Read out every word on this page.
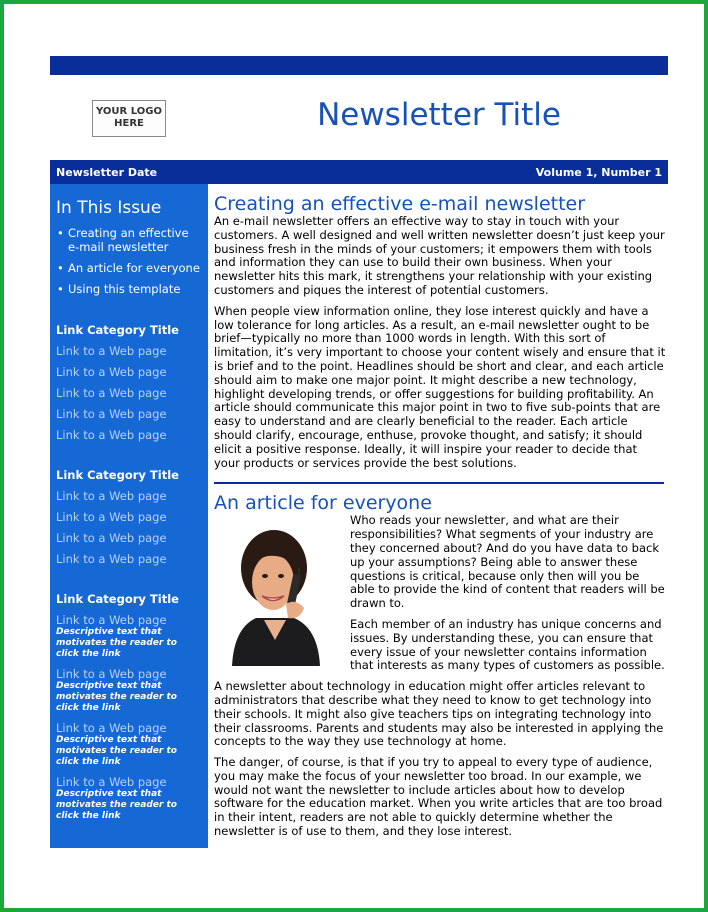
YOUR LOGO HERE	Newsletter Title
Newsletter Date	Volume 1, Number 1
In This Issue
• Creating an effective e-mail newsletter
• An article for everyone
• Using this template
Link Category Title
Link to a Web page
Link to a Web page
Link to a Web page
Link to a Web page
Link to a Web page
Link Category Title
Link to a Web page
Link to a Web page
Link to a Web page
Link to a Web page
Link Category Title
Link to a Web page
Descriptive text that motivates the reader to click the link
Link to a Web page
Descriptive text that motivates the reader to click the link
Link to a Web page
Descriptive text that motivates the reader to click the link
Link to a Web page
Descriptive text that motivates the reader to click the link
Creating an effective e-mail newsletter

An e-mail newsletter offers an effective way to stay in touch with your customers. A well designed and well written newsletter doesn’t just keep your business fresh in the minds of your customers; it empowers them with tools and information they can use to build their own business. When your newsletter hits this mark, it strengthens your relationship with your existing customers and piques the interest of potential customers.

When people view information online, they lose interest quickly and have a low tolerance for long articles. As a result, an e-mail newsletter ought to be brief—typically no more than 1000 words in length. With this sort of limitation, it’s very important to choose your content wisely and ensure that it is brief and to the point. Headlines should be short and clear, and each article should aim to make one major point. It might describe a new technology, highlight developing trends, or offer suggestions for building profitability. An article should communicate this major point in two to five sub-points that are easy to understand and are clearly beneficial to the reader. Each article should clarify, encourage, enthuse, provoke thought, and satisfy; it should elicit a positive response. Ideally, it will inspire your reader to decide that your products or services provide the best solutions.

An article for everyone

Who reads your newsletter, and what are their responsibilities? What segments of your industry are they concerned about? And do you have data to back up your assumptions? Being able to answer these questions is critical, because only then will you be able to provide the kind of content that readers will be drawn to.

Each member of an industry has unique concerns and issues. By understanding these, you can ensure that every issue of your newsletter contains information that interests as many types of customers as possible.

A newsletter about technology in education might offer articles relevant to administrators that describe what they need to know to get technology into their schools. It might also give teachers tips on integrating technology into their classrooms. Parents and students may also be interested in applying the concepts to the way they use technology at home.

The danger, of course, is that if you try to appeal to every type of audience, you may make the focus of your newsletter too broad. In our example, we would not want the newsletter to include articles about how to develop software for the education market. When you write articles that are too broad in their intent, readers are not able to quickly determine whether the newsletter is of use to them, and they lose interest.
